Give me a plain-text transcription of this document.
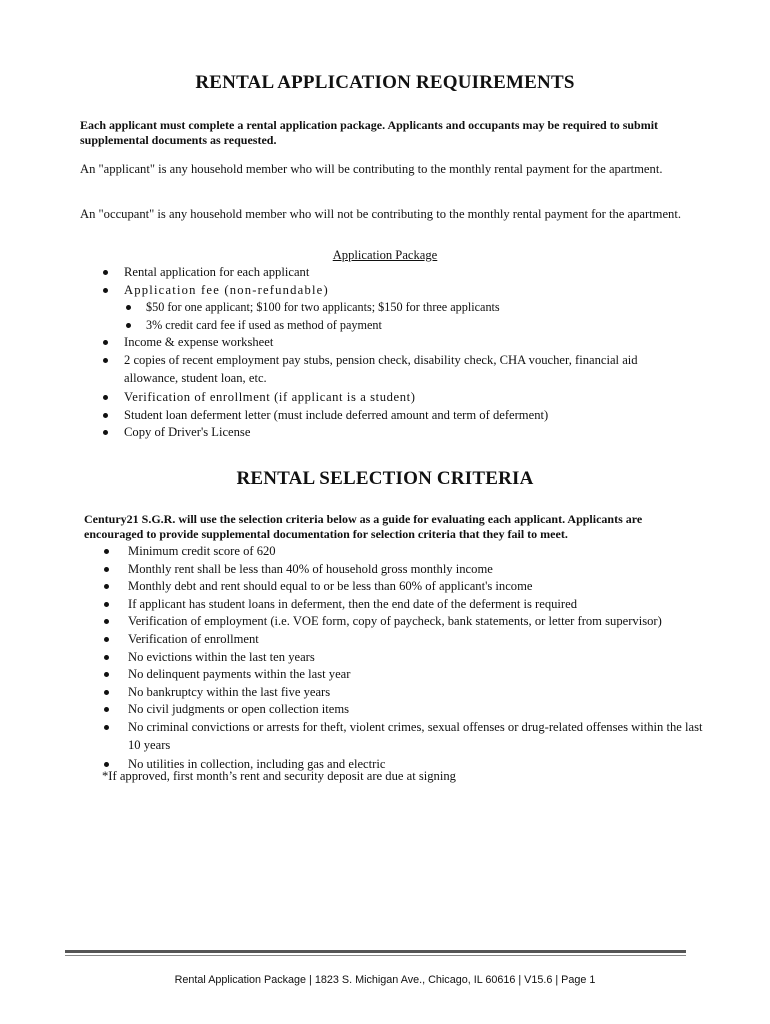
RENTAL APPLICATION REQUIREMENTS

Each applicant must complete a rental application package. Applicants and occupants may be required to submit supplemental documents as requested.

An "applicant" is any household member who will be contributing to the monthly rental payment for the apartment.

An "occupant" is any household member who will not be contributing to the monthly rental payment for the apartment.

Application Package

Rental application for each applicant
Application fee (non-refundable)
$50 for one applicant; $100 for two applicants; $150 for three applicants
3% credit card fee if used as method of payment
Income & expense worksheet
2 copies of recent employment pay stubs, pension check, disability check, CHA voucher, financial aid allowance, student loan, etc.
Verification of enrollment (if applicant is a student)
Student loan deferment letter (must include deferred amount and term of deferment)
Copy of Driver's License
RENTAL SELECTION CRITERIA

Century21 S.G.R. will use the selection criteria below as a guide for evaluating each applicant. Applicants are encouraged to provide supplemental documentation for selection criteria that they fail to meet.

Minimum credit score of 620
Monthly rent shall be less than 40% of household gross monthly income
Monthly debt and rent should equal to or be less than 60% of applicant's income
If applicant has student loans in deferment, then the end date of the deferment is required
Verification of employment (i.e. VOE form, copy of paycheck, bank statements, or letter from supervisor)
Verification of enrollment
No evictions within the last ten years
No delinquent payments within the last year
No bankruptcy within the last five years
No civil judgments or open collection items
No criminal convictions or arrests for theft, violent crimes, sexual offenses or drug-related offenses within the last 10 years
No utilities in collection, including gas and electric

*If approved, first month’s rent and security deposit are due at signing

Rental Application Package | 1823 S. Michigan Ave., Chicago, IL 60616 | V15.6 | Page 1
